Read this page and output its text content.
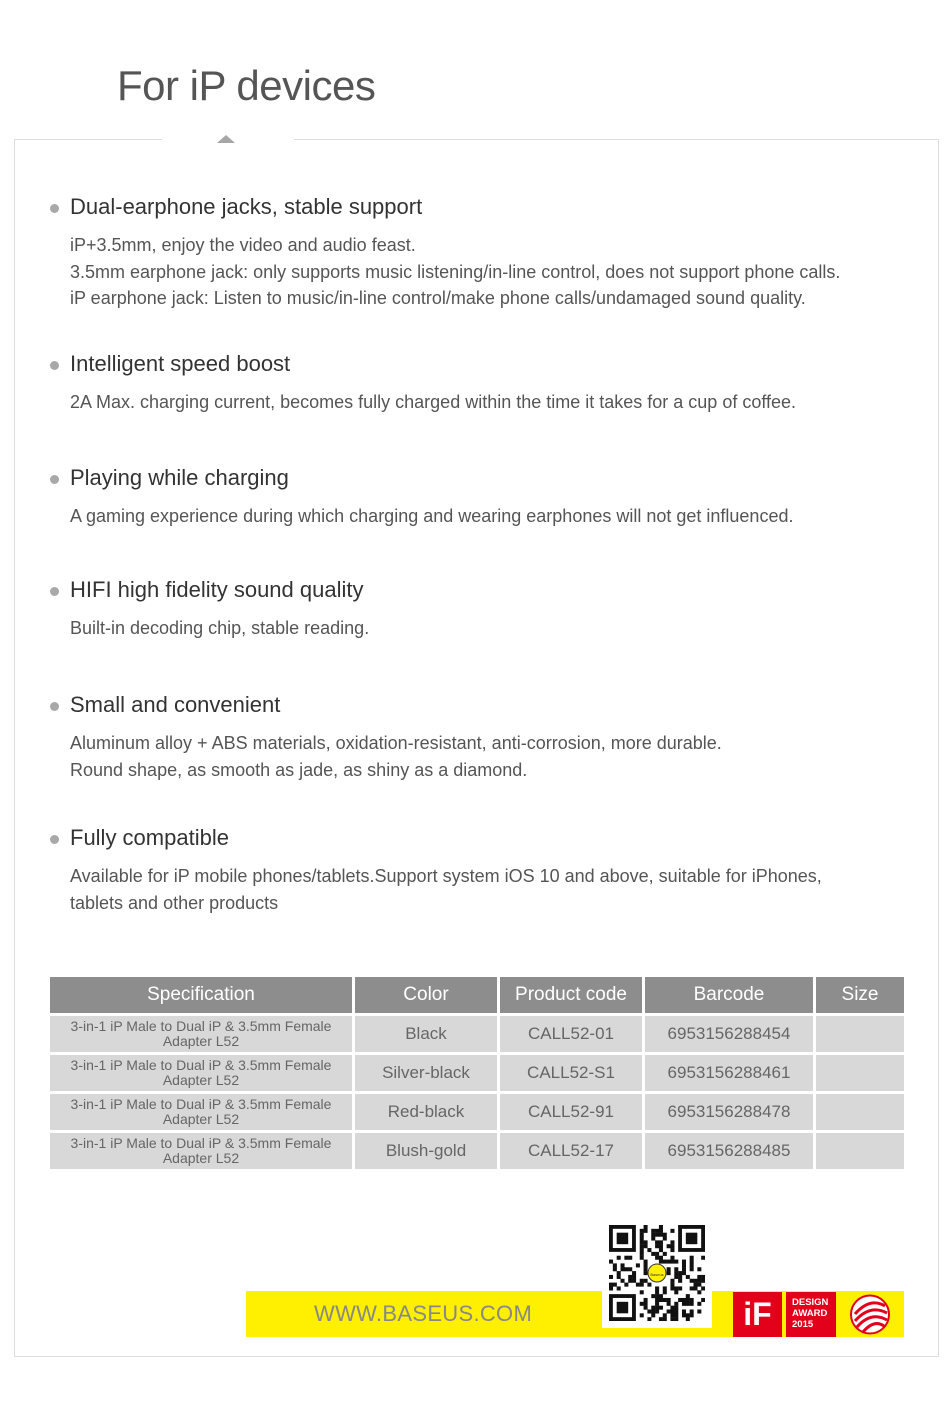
For iP devices
Dual-earphone jacks, stable support
iP+3.5mm, enjoy the video and audio feast.
3.5mm earphone jack: only supports music listening/in-line control, does not support phone calls.
iP earphone jack: Listen to music/in-line control/make phone calls/undamaged sound quality.
Intelligent speed boost
2A Max. charging current, becomes fully charged within the time it takes for a cup of coffee.
Playing while charging
A gaming experience during which charging and wearing earphones will not get influenced.
HIFI high fidelity sound quality
Built-in decoding chip, stable reading.
Small and convenient
Aluminum alloy + ABS materials, oxidation-resistant, anti-corrosion, more durable.
Round shape, as smooth as jade, as shiny as a diamond.
Fully compatible
Available for iP mobile phones/tablets.Support system iOS 10 and above, suitable for iPhones,
tablets and other products
Specification	Color	Product code	Barcode	Size

3-in-1 iP Male to Dual iP & 3.5mm Female
Adapter L52	Black	CALL52-01	6953156288454	

3-in-1 iP Male to Dual iP & 3.5mm Female
Adapter L52	Silver-black	CALL52-S1	6953156288461	

3-in-1 iP Male to Dual iP & 3.5mm Female
Adapter L52	Red-black	CALL52-91	6953156288478	

3-in-1 iP Male to Dual iP & 3.5mm Female
Adapter L52	Blush-gold	CALL52-17	6953156288485	
WWW.BASEUS.COM
Baseus
iF	DESIGN
AWARD
2015
